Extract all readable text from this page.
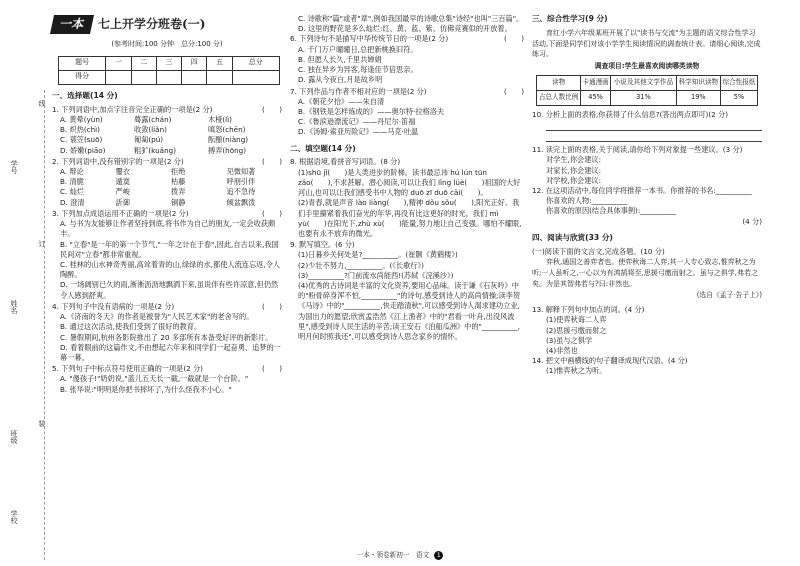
学号
姓名
班级
学校
线
订
装
一本	七上开学分班卷(一)
(参考时间:100 分钟　总分:100 分)
题号	一	二	三	四	五	总分
得分						
一、选择题(14 分)
1. 下列词语中,加点字注音完全正确的一项是(2 分)	(　　)
A. 黄晕(yùn)	蓦露(chán)	木桠(lì)
B. 炽热(chì)	收敛(liǎn)	嗔怒(chēn)
C. 蓑笠(suō)	匍匐(pú)	酝酿(niàng)
D. 娇嫩(piāo)	粗犷(kuǎng)	搏弄(hōng)
2. 下列词语中,没有错别字的一项是(2 分)	(　　)
A. 辩论	覆衣	拒绝	见微知著
B. 清脆	遁寞	枯藤	呼朋引伴
C. 灿烂	严峻	拨弄	追不急待
D. 澄清	訢御	铜静	倾盆飘泼
3. 下列加点成语运用不正确的一项是(2 分)	(　　)
A. 与书为友能够让作者坚持到底,将书作为自己的朋友,一定会收获颇丰。
B. "立春"是一年的第一个节气,"一年之计在于春",因此,自古以来,我国民间对"立春"都非常重视。
C. 桂林的山水神奇秀丽,高耸着青的山,绿绿的水,都使人流连忘返,令人陶醉。
D. 一场阔别已久的雨,淅淅沥沥地飘洒下来,虽说伴有些许凉意,但仍然令人感到舒爽。
4. 下列句子中没有语病的一项是(2 分)	(　　)
A.《济南的冬天》的作者是被誉为"人民艺术家"的老舍写的。
B. 通过这次活动,使我们受到了很好的教育。
C. 暑假期间,杭州各影院推出了 20 多部所有本备受好评的新影片。
D. 看着眼前的这篇作文,不由想起六年来和同学们一起奋勇、追梦的一幕一幕。
5. 下列句子中标点符号使用正确的一项是(2 分)	(　　)
A. "傻孩子!"奶奶说,"蓝儿五天长一截,一截就是一个台阶。"
B. 张华说:"明明是你把书摔坏了,为什么怪我不小心。"
C. 诗歌称"篇"或者"章",例如我国最早的诗歌总集"诗经"也叫"三百篇"。
D. 这里的野花是多么灿烂:红、黄、蓝、紫、仿佛竞赛似的开放着。
6. 下列诗句不是描写中华传统节日的一项是(2 分)	(　　)
A. 千门万户曈曈日,总把新桃换旧符。
B. 但愿人长久,千里共婵娟
C. 独在异乡为异客,每逢佳节倍思亲。
D. 露从今夜白,月是故乡明
7. 下列作品与作者不相对应的一项是(2 分)	(　　)
A.《朝花夕拾》——朱自清
B.《钢铁是怎样炼成的》——奥尔特·拉格洛夫
C.《鲁滨逊漂流记》——丹尼尔·笛福
D.《汤姆·索亚历险记》——马克·吐温
二、填空题(14 分)
8. 根据语境,看拼音写词语。(8 分)
(1)shū jǐ(　　)是人类进步的阶梯。读书最忌讳 hú lún tūn zǎo(　　),不求甚解。潜心阅读,可以让我们 lǐng lüè(　　)祖国的大好河山,也可以让我们感受书中人物的 duō zī duō cǎi(　　)。
(2)青春,就是声音 lào liàng(　　),精神 dǒu sǒu(　　),阳光正好。我们手里攥紧着我们奋光的年华,再没有比这更好的时光。我们 mì yù(　　)在阳光下,zhù xù(　　)能量,努力地让自己变强。哪怕不耀眼,也要有永不放弃的微光。
9. 默写填空。(6 分)
(1)日暮乡关何处是?__________。(崔颢《黄鹤楼》)
(2)少壮不努力,__________。(《长歌行》)
(3)__________?门前流水尚能西!(苏轼《浣溪沙》)
(4)优秀的古诗词是丰富的文化资养,要用心品味。读于谦《石灰吟》中的"粉骨碎身浑不怕,__________"的诗句,感受到诗人的高尚情操;读李贺《马诗》中的"__________,快走踏清秋",可以感受到诗人渴求建功立业,为国出力的愿望;欣赏孟浩然《江上渔者》中的"君看一叶舟,出没风波里",感受到诗人民生活的辛苦;读王安石《泊船瓜洲》中的"__________,明月何时照我还",可以感受到诗人思念家乡的情怀。
三、综合性学习(9 分)
育红小学六年级某班开展了以"读书与交流"为主题的语文综合性学习活动,下面是同学们对该小学学生阅读情况的调查统计表。请细心阅读,完成练习。
调查项目:学生最喜欢阅读哪类读物
读物	卡通漫画	小说及其他文学作品	科学知识读物	综合性报纸
占总人数比例	45%	31%	19%	5%
10. 分析上面的表格,你获得了什么信息?(答出两点即可)(2 分)
11. 读完上面的表格,关于阅读,请你给下列对象提一些建议。(3 分)
对学生,你会建议:
对家长,你会建议:
对学校,你会建议:
12. 在这项活动中,每位同学将推荐一本书。你推荐的书名:__________
你喜欢的人物:__________
你喜欢的原因(结合具体事例):__________
(4 分)
四、阅读与欣赏(33 分)
(一)阅读下面的文言文,完成各题。(10 分)
弈秋,通国之善弈者也。使弈秋诲二人弈,其一人专心致志,惟弈秋之为听;一人虽听之,一心以为有鸿鹄将至,思援弓缴而射之。虽与之俱学,弗若之矣。为是其智弗若与?曰:非然也。
(选自《孟子·告子上》)
13. 解释下列句中加点的词。(4 分)
(1)使弈秋诲二人弈
(2)思援弓缴而射之
(3)虽与之俱学
(4)非然也
14. 把文中画横线的句子翻译成现代汉语。(4 分)
(1)惟弈秋之为听。
一本・领卷新初一　语文 1
